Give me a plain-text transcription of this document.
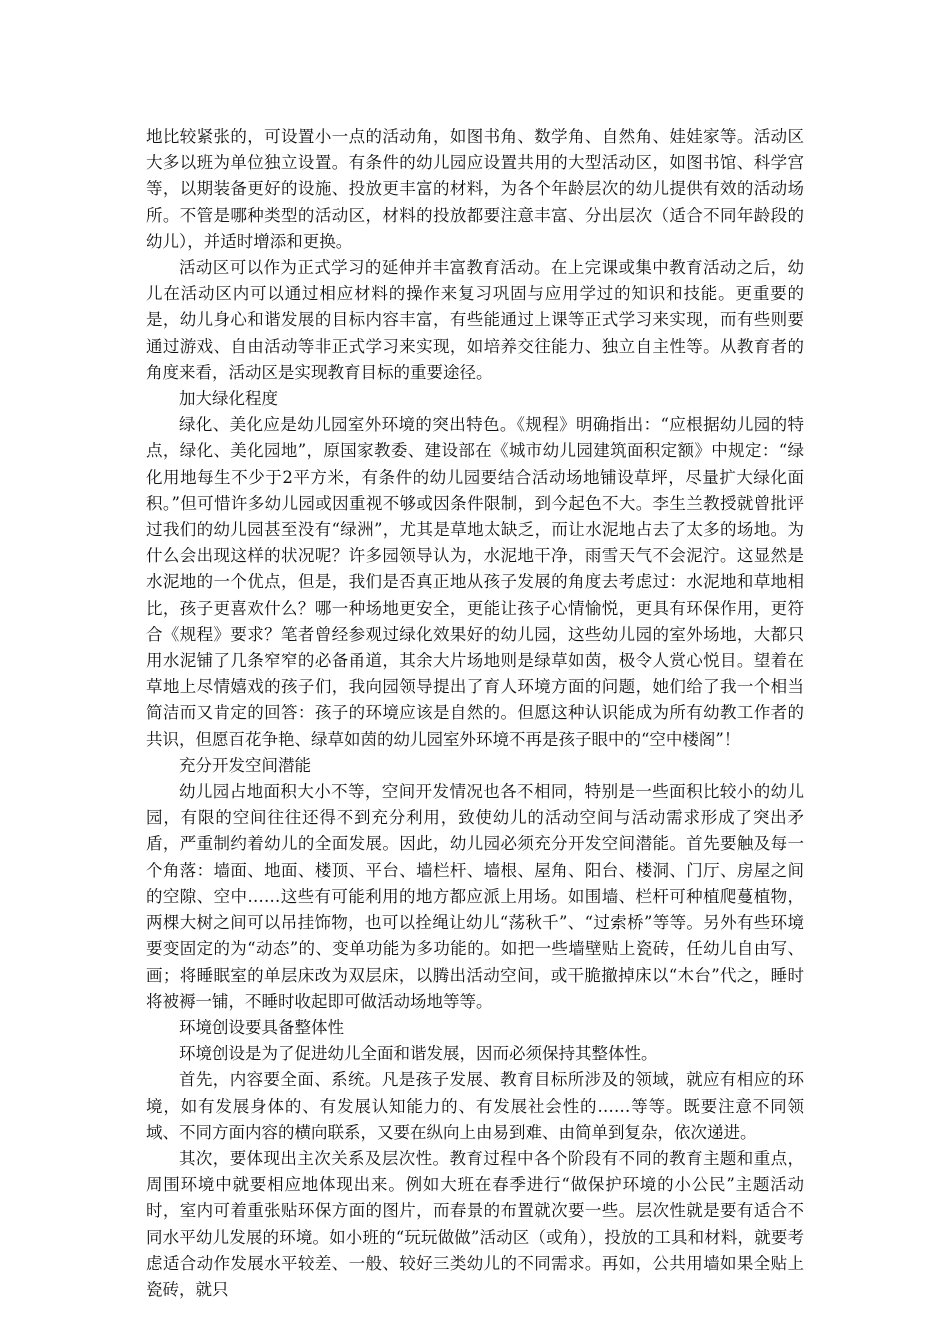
地比较紧张的，可设置小一点的活动角，如图书角、数学角、自然角、娃娃家等。活动区大多以班为单位独立设置。有条件的幼儿园应设置共用的大型活动区，如图书馆、科学宫等，以期装备更好的设施、投放更丰富的材料，为各个年龄层次的幼儿提供有效的活动场所。不管是哪种类型的活动区，材料的投放都要注意丰富、分出层次（适合不同年龄段的幼儿），并适时增添和更换。

活动区可以作为正式学习的延伸并丰富教育活动。在上完课或集中教育活动之后，幼儿在活动区内可以通过相应材料的操作来复习巩固与应用学过的知识和技能。更重要的是，幼儿身心和谐发展的目标内容丰富，有些能通过上课等正式学习来实现，而有些则要通过游戏、自由活动等非正式学习来实现，如培养交往能力、独立自主性等。从教育者的角度来看，活动区是实现教育目标的重要途径。

加大绿化程度

绿化、美化应是幼儿园室外环境的突出特色。《规程》明确指出：“应根据幼儿园的特点，绿化、美化园地”，原国家教委、建设部在《城市幼儿园建筑面积定额》中规定：“绿化用地每生不少于2平方米，有条件的幼儿园要结合活动场地铺设草坪，尽量扩大绿化面积。”但可惜许多幼儿园或因重视不够或因条件限制，到今起色不大。李生兰教授就曾批评过我们的幼儿园甚至没有“绿洲”，尤其是草地太缺乏，而让水泥地占去了太多的场地。为什么会出现这样的状况呢？许多园领导认为，水泥地干净，雨雪天气不会泥泞。这显然是水泥地的一个优点，但是，我们是否真正地从孩子发展的角度去考虑过：水泥地和草地相比，孩子更喜欢什么？哪一种场地更安全，更能让孩子心情愉悦，更具有环保作用，更符合《规程》要求？笔者曾经参观过绿化效果好的幼儿园，这些幼儿园的室外场地，大都只用水泥铺了几条窄窄的必备甬道，其余大片场地则是绿草如茵，极令人赏心悦目。望着在草地上尽情嬉戏的孩子们，我向园领导提出了育人环境方面的问题，她们给了我一个相当简洁而又肯定的回答：孩子的环境应该是自然的。但愿这种认识能成为所有幼教工作者的共识，但愿百花争艳、绿草如茵的幼儿园室外环境不再是孩子眼中的“空中楼阁”！

充分开发空间潜能

幼儿园占地面积大小不等，空间开发情况也各不相同，特别是一些面积比较小的幼儿园，有限的空间往往还得不到充分利用，致使幼儿的活动空间与活动需求形成了突出矛盾，严重制约着幼儿的全面发展。因此，幼儿园必须充分开发空间潜能。首先要触及每一个角落：墙面、地面、楼顶、平台、墙栏杆、墙根、屋角、阳台、楼洞、门厅、房屋之间的空隙、空中……这些有可能利用的地方都应派上用场。如围墙、栏杆可种植爬蔓植物，两棵大树之间可以吊挂饰物，也可以拴绳让幼儿“荡秋千”、“过索桥”等等。另外有些环境要变固定的为“动态”的、变单功能为多功能的。如把一些墙壁贴上瓷砖，任幼儿自由写、画；将睡眠室的单层床改为双层床，以腾出活动空间，或干脆撤掉床以“木台”代之，睡时将被褥一铺，不睡时收起即可做活动场地等等。

环境创设要具备整体性

环境创设是为了促进幼儿全面和谐发展，因而必须保持其整体性。

首先，内容要全面、系统。凡是孩子发展、教育目标所涉及的领域，就应有相应的环境，如有发展身体的、有发展认知能力的、有发展社会性的……等等。既要注意不同领域、不同方面内容的横向联系，又要在纵向上由易到难、由简单到复杂，依次递进。

其次，要体现出主次关系及层次性。教育过程中各个阶段有不同的教育主题和重点，周围环境中就要相应地体现出来。例如大班在春季进行“做保护环境的小公民”主题活动时，室内可着重张贴环保方面的图片，而春景的布置就次要一些。层次性就是要有适合不同水平幼儿发展的环境。如小班的“玩玩做做”活动区（或角），投放的工具和材料，就要考虑适合动作发展水平较差、一般、较好三类幼儿的不同需求。再如，公共用墙如果全贴上瓷砖，就只
